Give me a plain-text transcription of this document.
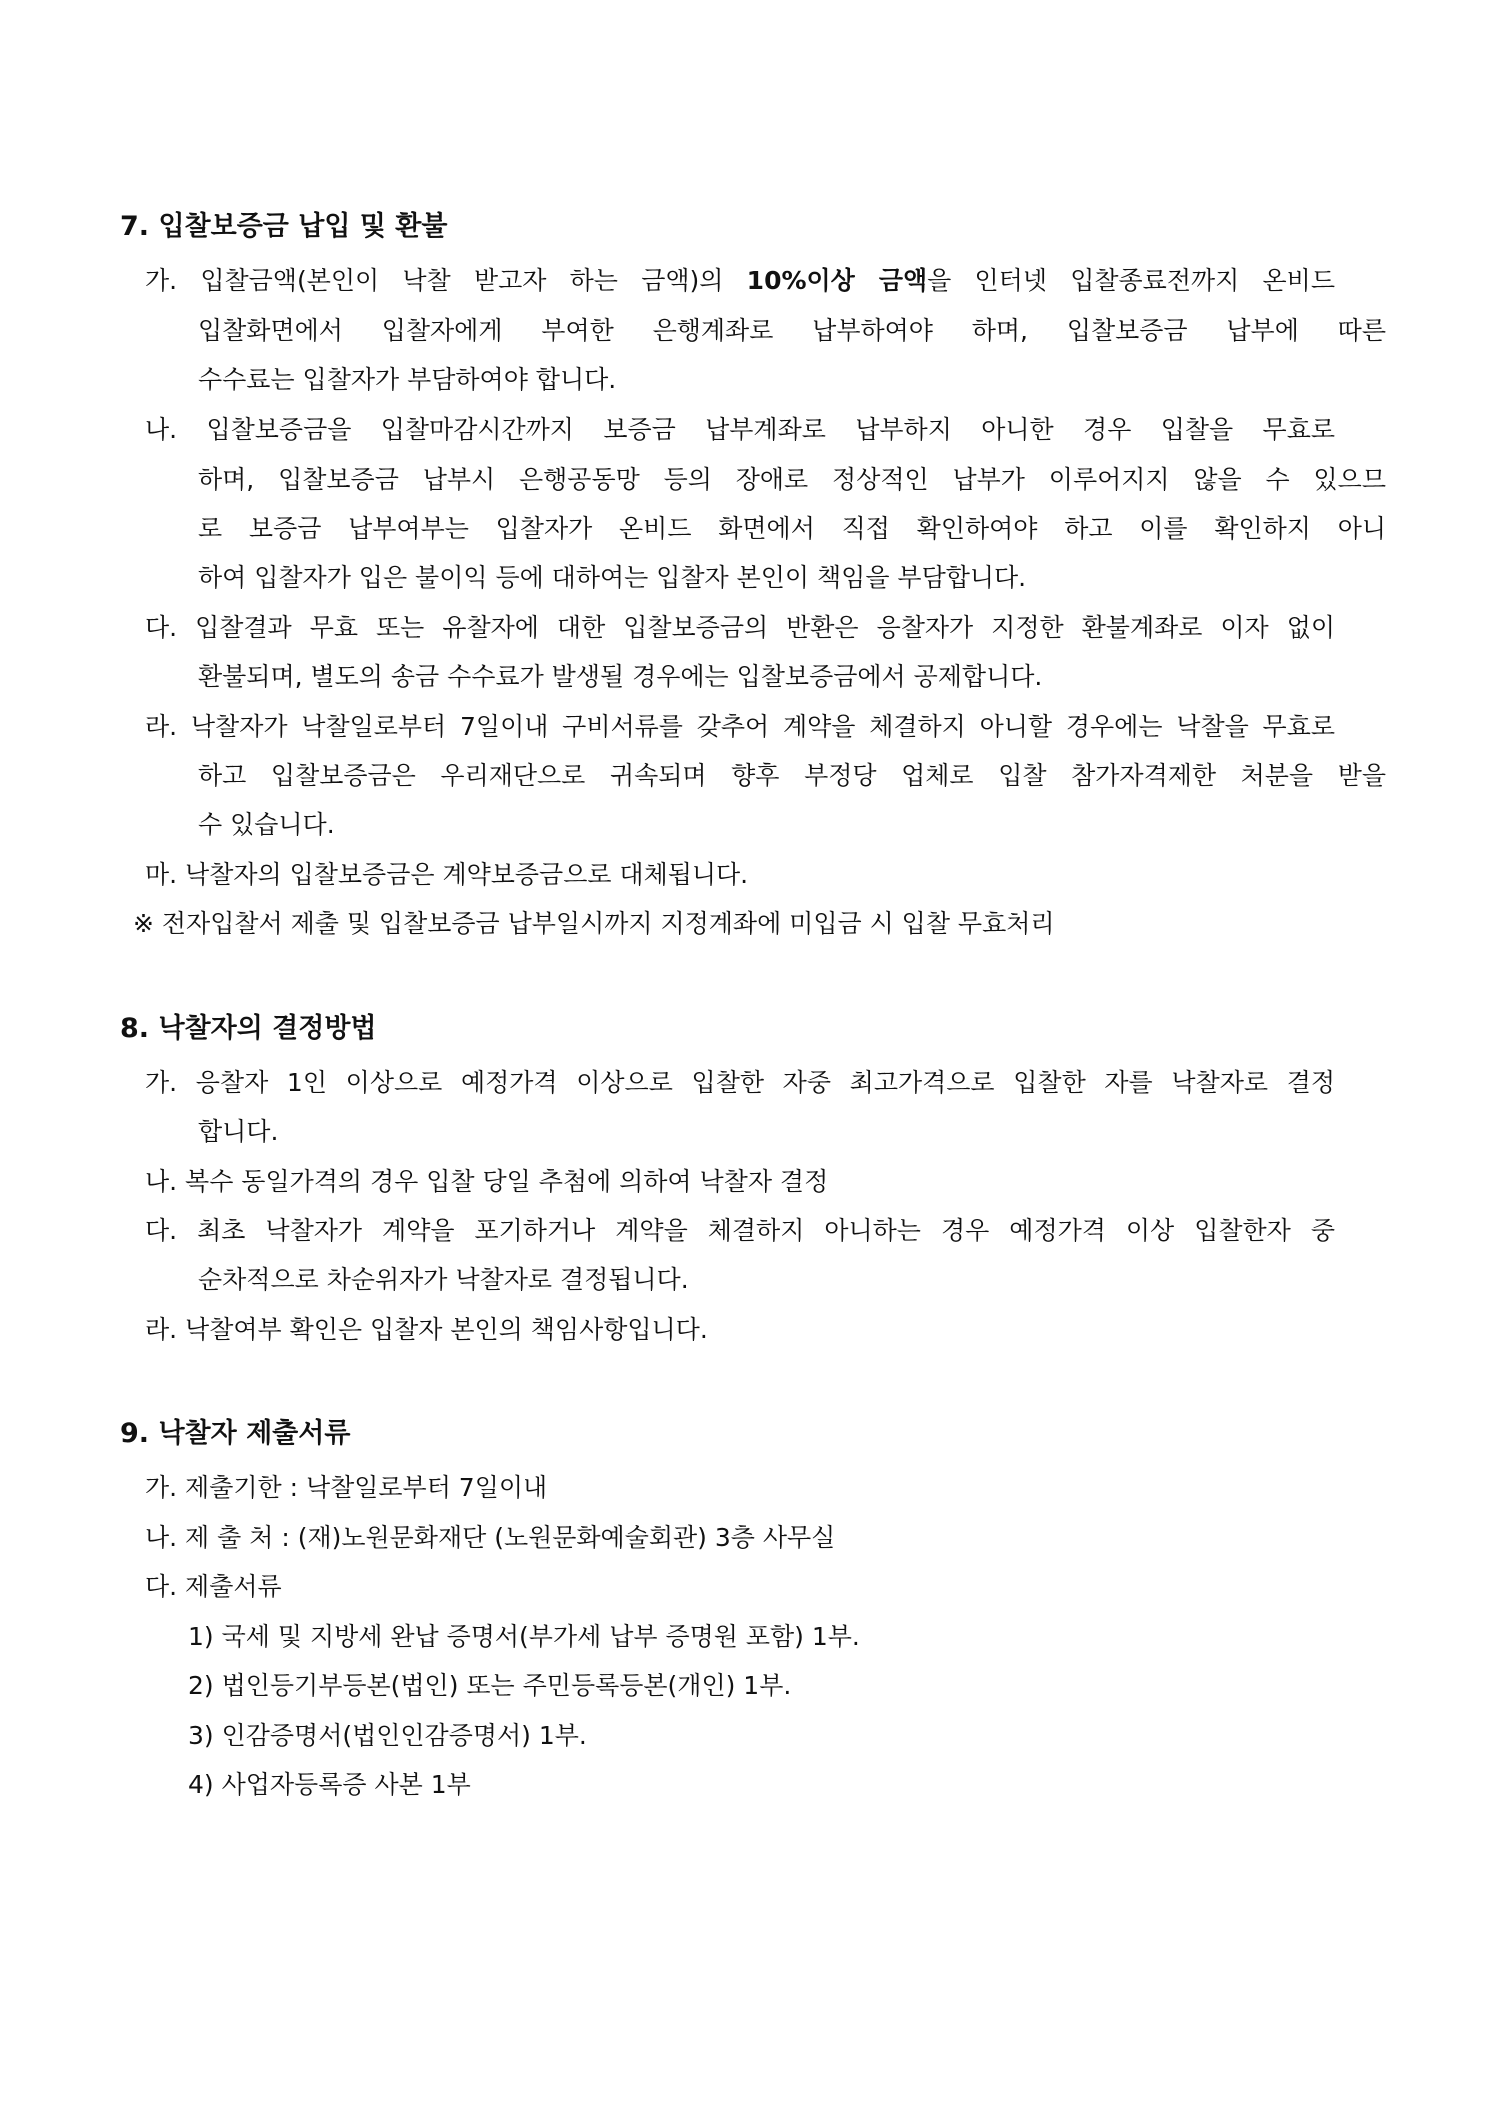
7. 입찰보증금 납입 및 환불
가. 입찰금액(본인이 낙찰 받고자 하는 금액)의 10%이상 금액을 인터넷 입찰종료전까지 온비드
입찰화면에서 입찰자에게 부여한 은행계좌로 납부하여야 하며, 입찰보증금 납부에 따른
수수료는 입찰자가 부담하여야 합니다.
나. 입찰보증금을 입찰마감시간까지 보증금 납부계좌로 납부하지 아니한 경우 입찰을 무효로
하며, 입찰보증금 납부시 은행공동망 등의 장애로 정상적인 납부가 이루어지지 않을 수 있으므
로 보증금 납부여부는 입찰자가 온비드 화면에서 직접 확인하여야 하고 이를 확인하지 아니
하여 입찰자가 입은 불이익 등에 대하여는 입찰자 본인이 책임을 부담합니다.
다. 입찰결과 무효 또는 유찰자에 대한 입찰보증금의 반환은 응찰자가 지정한 환불계좌로 이자 없이
환불되며, 별도의 송금 수수료가 발생될 경우에는 입찰보증금에서 공제합니다.
라. 낙찰자가 낙찰일로부터 7일이내 구비서류를 갖추어 계약을 체결하지 아니할 경우에는 낙찰을 무효로
하고 입찰보증금은 우리재단으로 귀속되며 향후 부정당 업체로 입찰 참가자격제한 처분을 받을
수 있습니다.
마. 낙찰자의 입찰보증금은 계약보증금으로 대체됩니다.
※ 전자입찰서 제출 및 입찰보증금 납부일시까지 지정계좌에 미입금 시 입찰 무효처리
8. 낙찰자의 결정방법
가. 응찰자 1인 이상으로 예정가격 이상으로 입찰한 자중 최고가격으로 입찰한 자를 낙찰자로 결정
합니다.
나. 복수 동일가격의 경우 입찰 당일 추첨에 의하여 낙찰자 결정
다. 최초 낙찰자가 계약을 포기하거나 계약을 체결하지 아니하는 경우 예정가격 이상 입찰한자 중
순차적으로 차순위자가 낙찰자로 결정됩니다.
라. 낙찰여부 확인은 입찰자 본인의 책임사항입니다.
9. 낙찰자 제출서류
가. 제출기한 : 낙찰일로부터 7일이내
나. 제 출 처 : (재)노원문화재단 (노원문화예술회관) 3층 사무실
다. 제출서류
1) 국세 및 지방세 완납 증명서(부가세 납부 증명원 포함) 1부.
2) 법인등기부등본(법인) 또는 주민등록등본(개인) 1부.
3) 인감증명서(법인인감증명서) 1부.
4) 사업자등록증 사본 1부
